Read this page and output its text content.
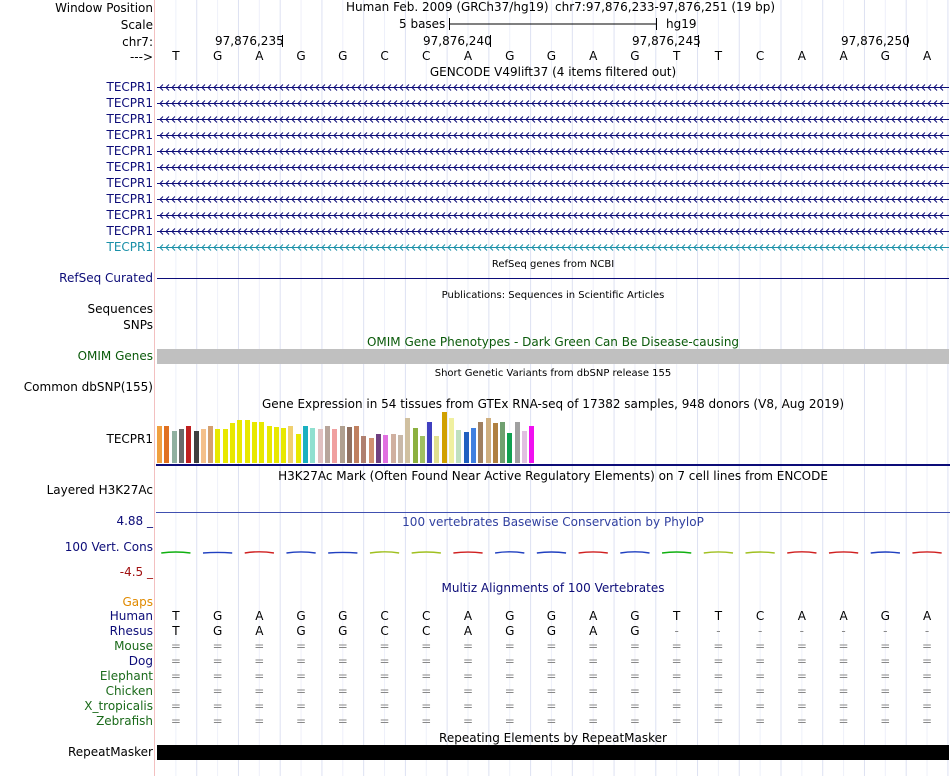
Window Position	Human Feb. 2009 (GRCh37/hg19) chr7:97,876,233-97,876,251 (19 bp)
Scale	5 bases	hg19
chr7:	97,876,235	97,876,240	97,876,245	97,876,250
--->	T	G	A	G	G	C	C	A	G	G	A	G	T	T	C	A	A	G	A
GENCODE V49lift37 (4 items filtered out)
TECPR1
TECPR1
TECPR1
TECPR1
TECPR1
TECPR1
TECPR1
TECPR1
TECPR1
TECPR1
TECPR1
RefSeq genes from NCBI
RefSeq Curated
Publications: Sequences in Scientific Articles
Sequences
SNPs
OMIM Gene Phenotypes - Dark Green Can Be Disease-causing
OMIM Genes
Short Genetic Variants from dbSNP release 155
Common dbSNP(155)
Gene Expression in 54 tissues from GTEx RNA-seq of 17382 samples, 948 donors (V8, Aug 2019)
TECPR1
H3K27Ac Mark (Often Found Near Active Regulatory Elements) on 7 cell lines from ENCODE
Layered H3K27Ac
100 vertebrates Basewise Conservation by PhyloP
4.88 _
100 Vert. Cons
-4.5 _
Multiz Alignments of 100 Vertebrates
Gaps
Human	T	G	A	G	G	C	C	A	G	G	A	G	T	T	C	A	A	G	A
Rhesus	T	G	A	G	G	C	C	A	G	G	A	G	-	-	-	-	-	-	-
Mouse	=	=	=	=	=	=	=	=	=	=	=	=	=	=	=	=	=	=	=
Dog	=	=	=	=	=	=	=	=	=	=	=	=	=	=	=	=	=	=	=
Elephant	=	=	=	=	=	=	=	=	=	=	=	=	=	=	=	=	=	=	=
Chicken	=	=	=	=	=	=	=	=	=	=	=	=	=	=	=	=	=	=	=
X_tropicalis	=	=	=	=	=	=	=	=	=	=	=	=	=	=	=	=	=	=	=
Zebrafish	=	=	=	=	=	=	=	=	=	=	=	=	=	=	=	=	=	=	=
Repeating Elements by RepeatMasker
RepeatMasker
